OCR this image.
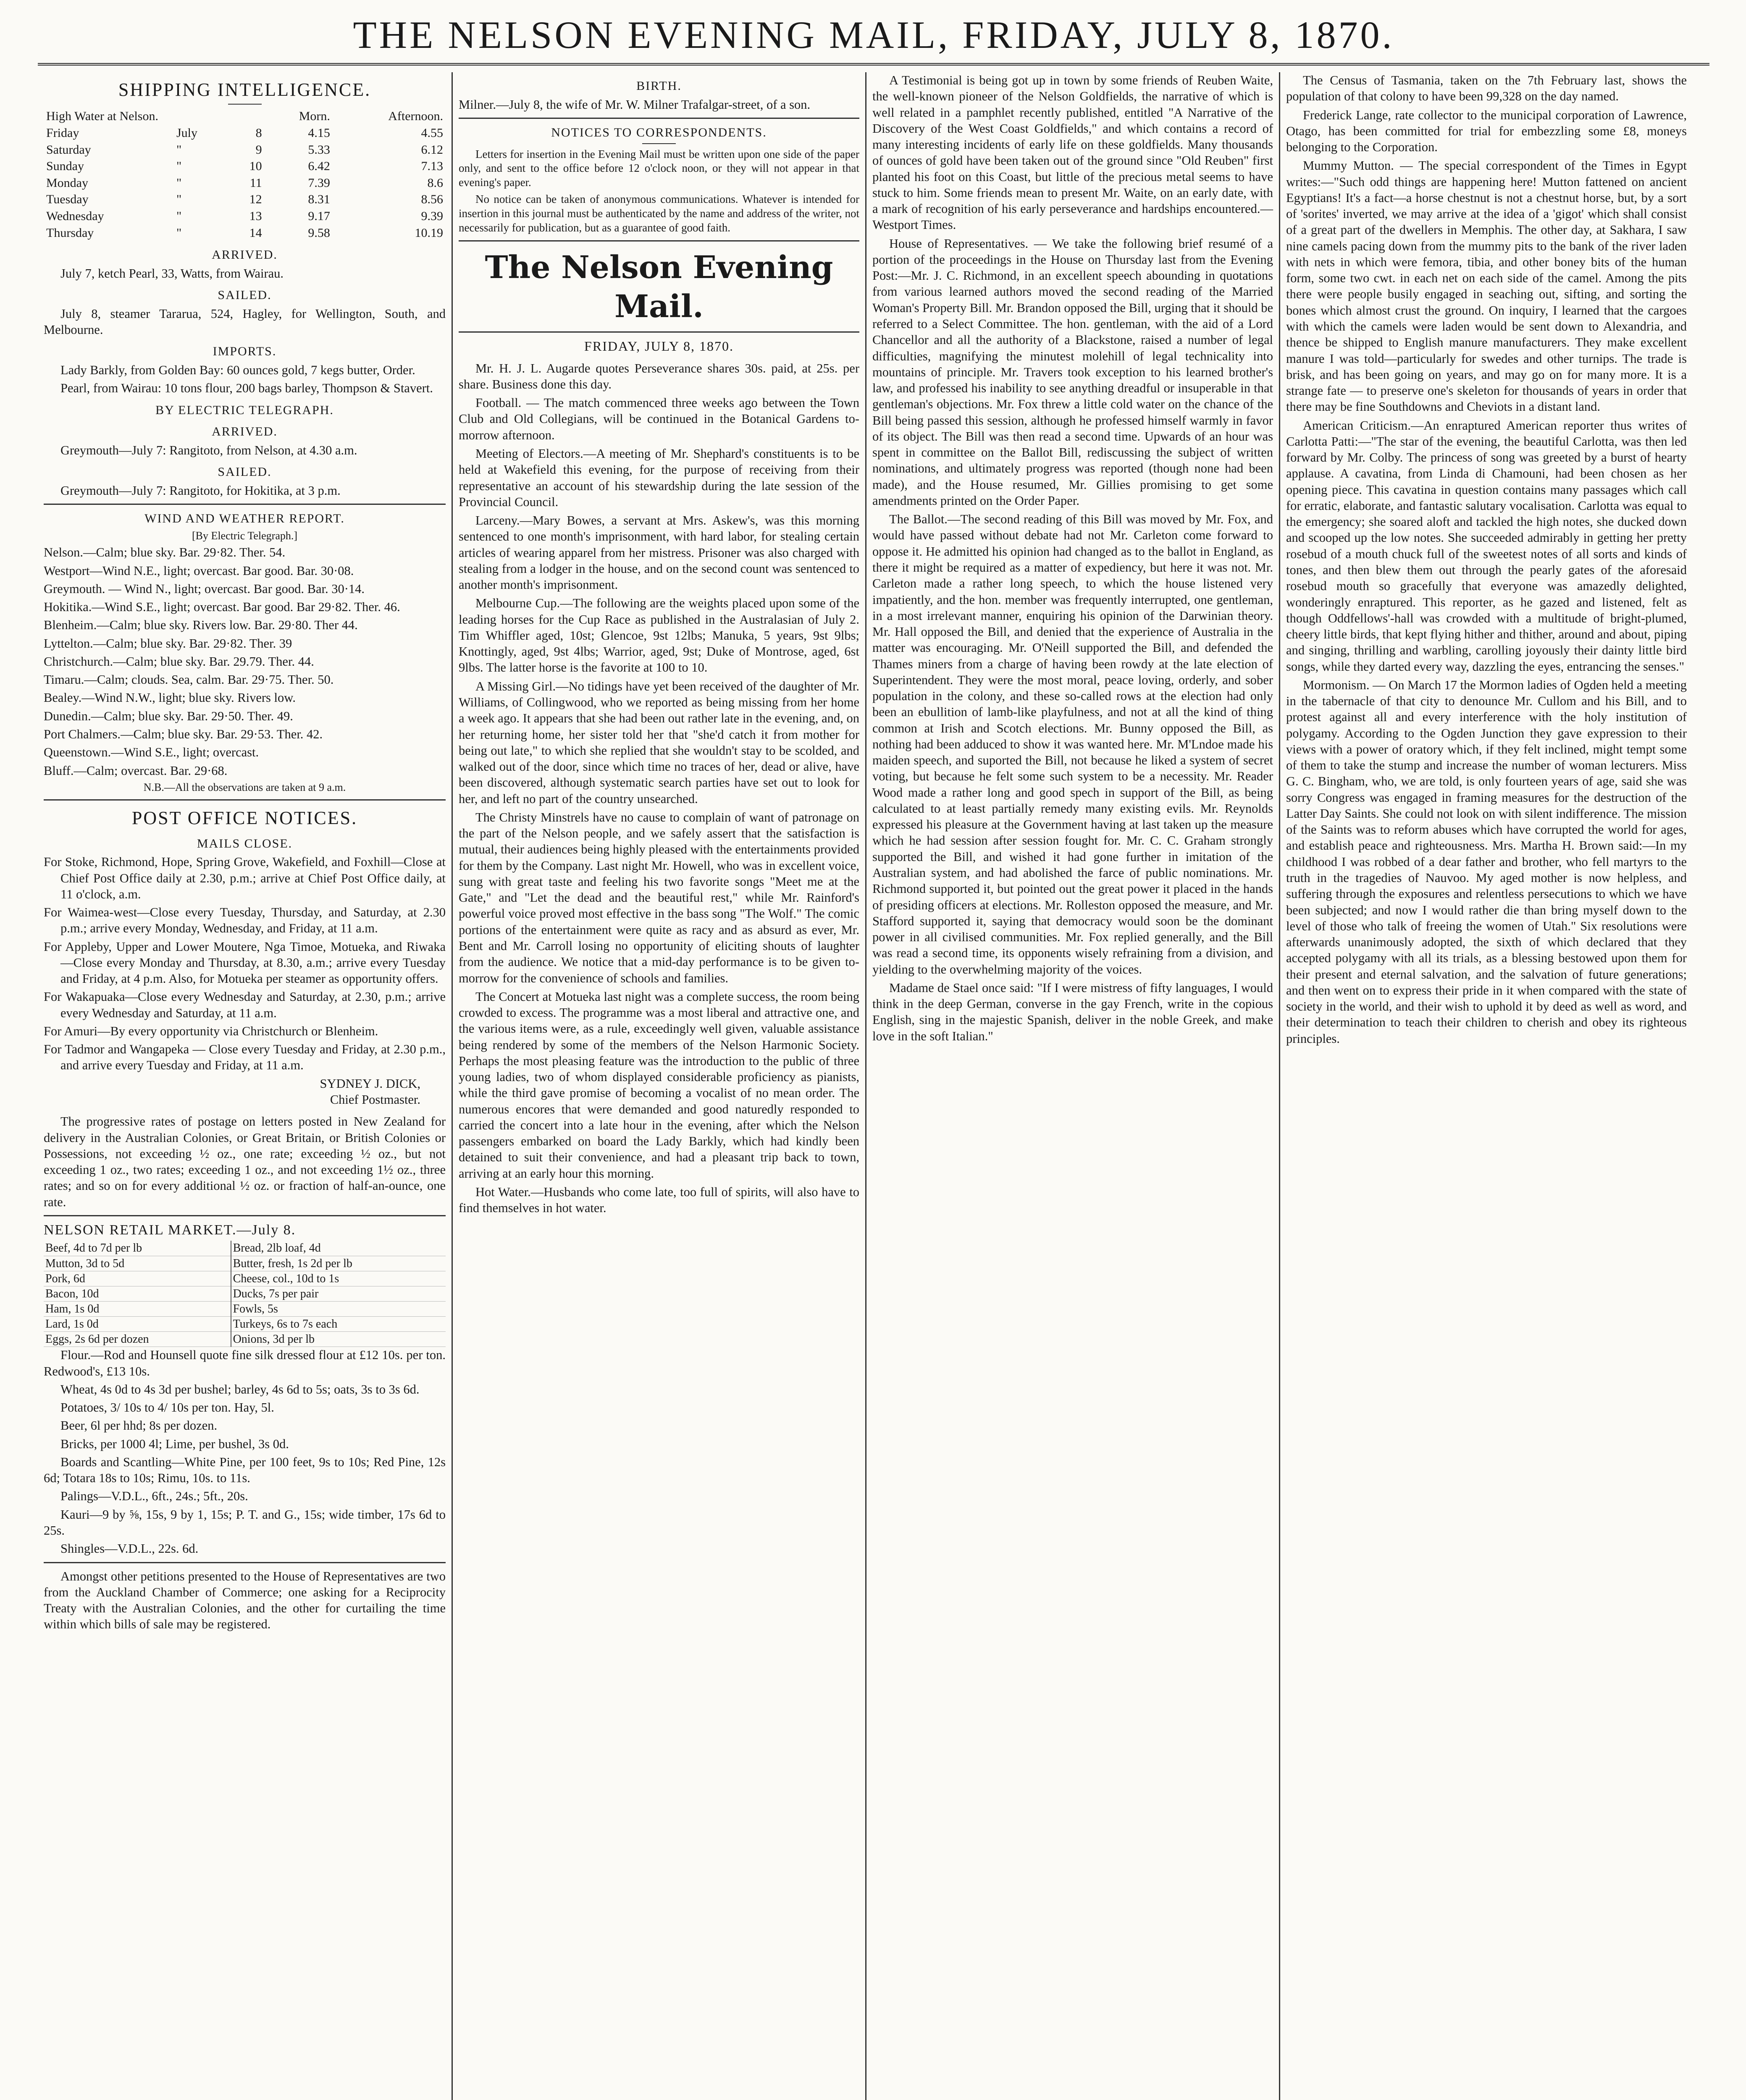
THE NELSON EVENING MAIL, FRIDAY, JULY 8, 1870.
SHIPPING INTELLIGENCE.
High Water at Nelson.			Morn.	Afternoon.
Friday	July	8	4.15	4.55
Saturday	"	9	5.33	6.12
Sunday	"	10	6.42	7.13
Monday	"	11	7.39	8.6
Tuesday	"	12	8.31	8.56
Wednesday	"	13	9.17	9.39
Thursday	"	14	9.58	10.19
ARRIVED.

July 7, ketch Pearl, 33, Watts, from Wairau.

SAILED.

July 8, steamer Tararua, 524, Hagley, for Wellington, South, and Melbourne.

IMPORTS.

Lady Barkly, from Golden Bay: 60 ounces gold, 7 kegs butter, Order.

Pearl, from Wairau: 10 tons flour, 200 bags barley, Thompson & Stavert.

BY ELECTRIC TELEGRAPH.
ARRIVED.

Greymouth—July 7: Rangitoto, from Nelson, at 4.30 a.m.

SAILED.

Greymouth—July 7: Rangitoto, for Hokitika, at 3 p.m.

WIND AND WEATHER REPORT.
[By Electric Telegraph.]

Nelson.—Calm; blue sky. Bar. 29·82. Ther. 54.

Westport—Wind N.E., light; overcast. Bar good. Bar. 30·08.

Greymouth. — Wind N., light; overcast. Bar good. Bar. 30·14.

Hokitika.—Wind S.E., light; overcast. Bar good. Bar 29·82. Ther. 46.

Blenheim.—Calm; blue sky. Rivers low. Bar. 29·80. Ther 44.

Lyttelton.—Calm; blue sky. Bar. 29·82. Ther. 39

Christchurch.—Calm; blue sky. Bar. 29.79. Ther. 44.

Timaru.—Calm; clouds. Sea, calm. Bar. 29·75. Ther. 50.

Bealey.—Wind N.W., light; blue sky. Rivers low.

Dunedin.—Calm; blue sky. Bar. 29·50. Ther. 49.

Port Chalmers.—Calm; blue sky. Bar. 29·53. Ther. 42.

Queenstown.—Wind S.E., light; overcast.

Bluff.—Calm; overcast. Bar. 29·68.

N.B.—All the observations are taken at 9 a.m.
POST OFFICE NOTICES.
MAILS CLOSE.

For Stoke, Richmond, Hope, Spring Grove, Wakefield, and Foxhill—Close at Chief Post Office daily at 2.30, p.m.; arrive at Chief Post Office daily, at 11 o'clock, a.m.

For Waimea-west—Close every Tuesday, Thursday, and Saturday, at 2.30 p.m.; arrive every Monday, Wednesday, and Friday, at 11 a.m.

For Appleby, Upper and Lower Moutere, Nga Timoe, Motueka, and Riwaka—Close every Monday and Thursday, at 8.30, a.m.; arrive every Tuesday and Friday, at 4 p.m. Also, for Motueka per steamer as opportunity offers.

For Wakapuaka—Close every Wednesday and Saturday, at 2.30, p.m.; arrive every Wednesday and Saturday, at 11 a.m.

For Amuri—By every opportunity via Christchurch or Blenheim.

For Tadmor and Wangapeka — Close every Tuesday and Friday, at 2.30 p.m., and arrive every Tuesday and Friday, at 11 a.m.

SYDNEY J. DICK,
Chief Postmaster.

The progressive rates of postage on letters posted in New Zealand for delivery in the Australian Colonies, or Great Britain, or British Colonies or Possessions, not exceeding ½ oz., one rate; exceeding ½ oz., but not exceeding 1 oz., two rates; exceeding 1 oz., and not exceeding 1½ oz., three rates; and so on for every additional ½ oz. or fraction of half-an-ounce, one rate.

NELSON RETAIL MARKET.—July 8.
Beef, 4d to 7d per lb	Bread, 2lb loaf, 4d
Mutton, 3d to 5d	Butter, fresh, 1s 2d per lb
Pork, 6d	Cheese, col., 10d to 1s
Bacon, 10d	Ducks, 7s per pair
Ham, 1s 0d	Fowls, 5s
Lard, 1s 0d	Turkeys, 6s to 7s each
Eggs, 2s 6d per dozen	Onions, 3d per lb

Flour.—Rod and Hounsell quote fine silk dressed flour at £12 10s. per ton. Redwood's, £13 10s.

Wheat, 4s 0d to 4s 3d per bushel; barley, 4s 6d to 5s; oats, 3s to 3s 6d.

Potatoes, 3/ 10s to 4/ 10s per ton. Hay, 5l.

Beer, 6l per hhd; 8s per dozen.

Bricks, per 1000 4l; Lime, per bushel, 3s 0d.

Boards and Scantling—White Pine, per 100 feet, 9s to 10s; Red Pine, 12s 6d; Totara 18s to 10s; Rimu, 10s. to 11s.

Palings—V.D.L., 6ft., 24s.; 5ft., 20s.

Kauri—9 by ⅝, 15s, 9 by 1, 15s; P. T. and G., 15s; wide timber, 17s 6d to 25s.

Shingles—V.D.L., 22s. 6d.

Amongst other petitions presented to the House of Representatives are two from the Auckland Chamber of Commerce; one asking for a Reciprocity Treaty with the Australian Colonies, and the other for curtailing the time within which bills of sale may be registered.

BIRTH.

Milner.—July 8, the wife of Mr. W. Milner Trafalgar-street, of a son.

NOTICES TO CORRESPONDENTS.

Letters for insertion in the Evening Mail must be written upon one side of the paper only, and sent to the office before 12 o'clock noon, or they will not appear in that evening's paper.

No notice can be taken of anonymous communications. Whatever is intended for insertion in this journal must be authenticated by the name and address of the writer, not necessarily for publication, but as a guarantee of good faith.

The Nelson Evening Mail.
FRIDAY, JULY 8, 1870.

Mr. H. J. L. Augarde quotes Perseverance shares 30s. paid, at 25s. per share. Business done this day.

Football. — The match commenced three weeks ago between the Town Club and Old Collegians, will be continued in the Botanical Gardens to-morrow afternoon.

Meeting of Electors.—A meeting of Mr. Shephard's constituents is to be held at Wakefield this evening, for the purpose of receiving from their representative an account of his stewardship during the late session of the Provincial Council.

Larceny.—Mary Bowes, a servant at Mrs. Askew's, was this morning sentenced to one month's imprisonment, with hard labor, for stealing certain articles of wearing apparel from her mistress. Prisoner was also charged with stealing from a lodger in the house, and on the second count was sentenced to another month's imprisonment.

Melbourne Cup.—The following are the weights placed upon some of the leading horses for the Cup Race as published in the Australasian of July 2. Tim Whiffler aged, 10st; Glencoe, 9st 12lbs; Manuka, 5 years, 9st 9lbs; Knottingly, aged, 9st 4lbs; Warrior, aged, 9st; Duke of Montrose, aged, 6st 9lbs. The latter horse is the favorite at 100 to 10.

A Missing Girl.—No tidings have yet been received of the daughter of Mr. Williams, of Collingwood, who we reported as being missing from her home a week ago. It appears that she had been out rather late in the evening, and, on her returning home, her sister told her that "she'd catch it from mother for being out late," to which she replied that she wouldn't stay to be scolded, and walked out of the door, since which time no traces of her, dead or alive, have been discovered, although systematic search parties have set out to look for her, and left no part of the country unsearched.

The Christy Minstrels have no cause to complain of want of patronage on the part of the Nelson people, and we safely assert that the satisfaction is mutual, their audiences being highly pleased with the entertainments provided for them by the Company. Last night Mr. Howell, who was in excellent voice, sung with great taste and feeling his two favorite songs "Meet me at the Gate," and "Let the dead and the beautiful rest," while Mr. Rainford's powerful voice proved most effective in the bass song "The Wolf." The comic portions of the entertainment were quite as racy and as absurd as ever, Mr. Bent and Mr. Carroll losing no opportunity of eliciting shouts of laughter from the audience. We notice that a mid-day performance is to be given to-morrow for the convenience of schools and families.

The Concert at Motueka last night was a complete success, the room being crowded to excess. The programme was a most liberal and attractive one, and the various items were, as a rule, exceedingly well given, valuable assistance being rendered by some of the members of the Nelson Harmonic Society. Perhaps the most pleasing feature was the introduction to the public of three young ladies, two of whom displayed considerable proficiency as pianists, while the third gave promise of becoming a vocalist of no mean order. The numerous encores that were demanded and good naturedly responded to carried the concert into a late hour in the evening, after which the Nelson passengers embarked on board the Lady Barkly, which had kindly been detained to suit their convenience, and had a pleasant trip back to town, arriving at an early hour this morning.

Hot Water.—Husbands who come late, too full of spirits, will also have to find themselves in hot water.

A Testimonial is being got up in town by some friends of Reuben Waite, the well-known pioneer of the Nelson Goldfields, the narrative of which is well related in a pamphlet recently published, entitled "A Narrative of the Discovery of the West Coast Goldfields," and which contains a record of many interesting incidents of early life on these goldfields. Many thousands of ounces of gold have been taken out of the ground since "Old Reuben" first planted his foot on this Coast, but little of the precious metal seems to have stuck to him. Some friends mean to present Mr. Waite, on an early date, with a mark of recognition of his early perseverance and hardships encountered.—Westport Times.

House of Representatives. — We take the following brief resumé of a portion of the proceedings in the House on Thursday last from the Evening Post:—Mr. J. C. Richmond, in an excellent speech abounding in quotations from various learned authors moved the second reading of the Married Woman's Property Bill. Mr. Brandon opposed the Bill, urging that it should be referred to a Select Committee. The hon. gentleman, with the aid of a Lord Chancellor and all the authority of a Blackstone, raised a number of legal difficulties, magnifying the minutest molehill of legal technicality into mountains of principle. Mr. Travers took exception to his learned brother's law, and professed his inability to see anything dreadful or insuperable in that gentleman's objections. Mr. Fox threw a little cold water on the chance of the Bill being passed this session, although he professed himself warmly in favor of its object. The Bill was then read a second time. Upwards of an hour was spent in committee on the Ballot Bill, rediscussing the subject of written nominations, and ultimately progress was reported (though none had been made), and the House resumed, Mr. Gillies promising to get some amendments printed on the Order Paper.

The Ballot.—The second reading of this Bill was moved by Mr. Fox, and would have passed without debate had not Mr. Carleton come forward to oppose it. He admitted his opinion had changed as to the ballot in England, as there it might be required as a matter of expediency, but here it was not. Mr. Carleton made a rather long speech, to which the house listened very impatiently, and the hon. member was frequently interrupted, one gentleman, in a most irrelevant manner, enquiring his opinion of the Darwinian theory. Mr. Hall opposed the Bill, and denied that the experience of Australia in the matter was encouraging. Mr. O'Neill supported the Bill, and defended the Thames miners from a charge of having been rowdy at the late election of Superintendent. They were the most moral, peace loving, orderly, and sober population in the colony, and these so-called rows at the election had only been an ebullition of lamb-like playfulness, and not at all the kind of thing common at Irish and Scotch elections. Mr. Bunny opposed the Bill, as nothing had been adduced to show it was wanted here. Mr. M'Lndoe made his maiden speech, and suported the Bill, not because he liked a system of secret voting, but because he felt some such system to be a necessity. Mr. Reader Wood made a rather long and good spech in support of the Bill, as being calculated to at least partially remedy many existing evils. Mr. Reynolds expressed his pleasure at the Government having at last taken up the measure which he had session after session fought for. Mr. C. C. Graham strongly supported the Bill, and wished it had gone further in imitation of the Australian system, and had abolished the farce of public nominations. Mr. Richmond supported it, but pointed out the great power it placed in the hands of presiding officers at elections. Mr. Rolleston opposed the measure, and Mr. Stafford supported it, saying that democracy would soon be the dominant power in all civilised communities. Mr. Fox replied generally, and the Bill was read a second time, its opponents wisely refraining from a division, and yielding to the overwhelming majority of the voices.

Madame de Stael once said: "If I were mistress of fifty languages, I would think in the deep German, converse in the gay French, write in the copious English, sing in the majestic Spanish, deliver in the noble Greek, and make love in the soft Italian."

The Census of Tasmania, taken on the 7th February last, shows the population of that colony to have been 99,328 on the day named.

Frederick Lange, rate collector to the municipal corporation of Lawrence, Otago, has been committed for trial for embezzling some £8, moneys belonging to the Corporation.

Mummy Mutton. — The special correspondent of the Times in Egypt writes:—"Such odd things are happening here! Mutton fattened on ancient Egyptians! It's a fact—a horse chestnut is not a chestnut horse, but, by a sort of 'sorites' inverted, we may arrive at the idea of a 'gigot' which shall consist of a great part of the dwellers in Memphis. The other day, at Sakhara, I saw nine camels pacing down from the mummy pits to the bank of the river laden with nets in which were femora, tibia, and other boney bits of the human form, some two cwt. in each net on each side of the camel. Among the pits there were people busily engaged in seaching out, sifting, and sorting the bones which almost crust the ground. On inquiry, I learned that the cargoes with which the camels were laden would be sent down to Alexandria, and thence be shipped to English manure manufacturers. They make excellent manure I was told—particularly for swedes and other turnips. The trade is brisk, and has been going on years, and may go on for many more. It is a strange fate — to preserve one's skeleton for thousands of years in order that there may be fine Southdowns and Cheviots in a distant land.

American Criticism.—An enraptured American reporter thus writes of Carlotta Patti:—"The star of the evening, the beautiful Carlotta, was then led forward by Mr. Colby. The princess of song was greeted by a burst of hearty applause. A cavatina, from Linda di Chamouni, had been chosen as her opening piece. This cavatina in question contains many passages which call for erratic, elaborate, and fantastic salutary vocalisation. Carlotta was equal to the emergency; she soared aloft and tackled the high notes, she ducked down and scooped up the low notes. She succeeded admirably in getting her pretty rosebud of a mouth chuck full of the sweetest notes of all sorts and kinds of tones, and then blew them out through the pearly gates of the aforesaid rosebud mouth so gracefully that everyone was amazedly delighted, wonderingly enraptured. This reporter, as he gazed and listened, felt as though Oddfellows'-hall was crowded with a multitude of bright-plumed, cheery little birds, that kept flying hither and thither, around and about, piping and singing, thrilling and warbling, carolling joyously their dainty little bird songs, while they darted every way, dazzling the eyes, entrancing the senses."

Mormonism. — On March 17 the Mormon ladies of Ogden held a meeting in the tabernacle of that city to denounce Mr. Cullom and his Bill, and to protest against all and every interference with the holy institution of polygamy. According to the Ogden Junction they gave expression to their views with a power of oratory which, if they felt inclined, might tempt some of them to take the stump and increase the number of woman lecturers. Miss G. C. Bingham, who, we are told, is only fourteen years of age, said she was sorry Congress was engaged in framing measures for the destruction of the Latter Day Saints. She could not look on with silent indifference. The mission of the Saints was to reform abuses which have corrupted the world for ages, and establish peace and righteousness. Mrs. Martha H. Brown said:—In my childhood I was robbed of a dear father and brother, who fell martyrs to the truth in the tragedies of Nauvoo. My aged mother is now helpless, and suffering through the exposures and relentless persecutions to which we have been subjected; and now I would rather die than bring myself down to the level of those who talk of freeing the women of Utah." Six resolutions were afterwards unanimously adopted, the sixth of which declared that they accepted polygamy with all its trials, as a blessing bestowed upon them for their present and eternal salvation, and the salvation of future generations; and then went on to express their pride in it when compared with the state of society in the world, and their wish to uphold it by deed as well as word, and their determination to teach their children to cherish and obey its righteous principles.
